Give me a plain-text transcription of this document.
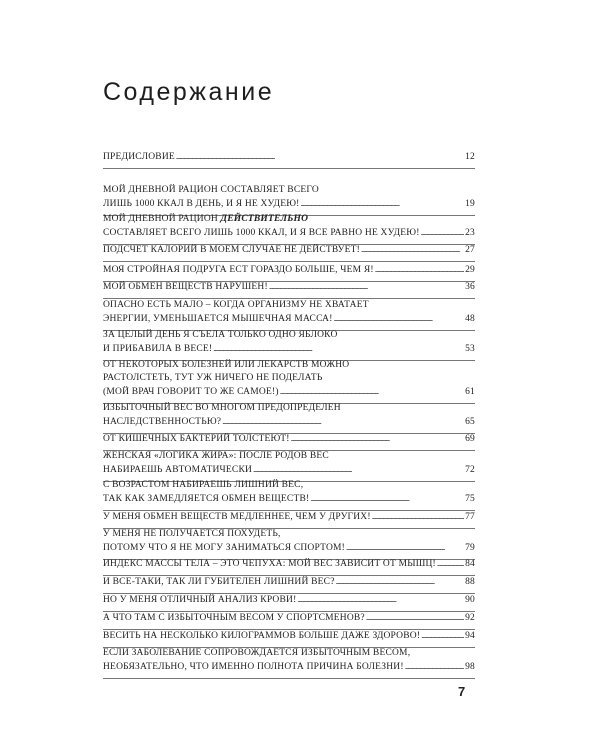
Содержание
ПРЕДИСЛОВИЕ . . .	12
МОЙ ДНЕВНОЙ РАЦИОН СОСТАВЛЯЕТ ВСЕГО
ЛИШЬ 1000 ККАЛ В ДЕНЬ, И Я НЕ ХУДЕЮ! . . .	19
МОЙ ДНЕВНОЙ РАЦИОН ДЕЙСТВИТЕЛЬНО
СОСТАВЛЯЕТ ВСЕГО ЛИШЬ 1000 ККАЛ, И Я ВСЕ РАВНО НЕ ХУДЕЮ! . . .	23
ПОДСЧЕТ КАЛОРИЙ В МОЕМ СЛУЧАЕ НЕ ДЕЙСТВУЕТ! . . .	27
МОЯ СТРОЙНАЯ ПОДРУГА ЕСТ ГОРАЗДО БОЛЬШЕ, ЧЕМ Я! . . .	29
МОЙ ОБМЕН ВЕЩЕСТВ НАРУШЕН! . . .	36
ОПАСНО ЕСТЬ МАЛО – КОГДА ОРГАНИЗМУ НЕ ХВАТАЕТ
ЭНЕРГИИ, УМЕНЬШАЕТСЯ МЫШЕЧНАЯ МАССА! . . .	48
ЗА ЦЕЛЫЙ ДЕНЬ Я СЪЕЛА ТОЛЬКО ОДНО ЯБЛОКО
И ПРИБАВИЛА В ВЕСЕ! . . .	53
ОТ НЕКОТОРЫХ БОЛЕЗНЕЙ ИЛИ ЛЕКАРСТВ МОЖНО
РАСТОЛСТЕТЬ, ТУТ УЖ НИЧЕГО НЕ ПОДЕЛАТЬ
(МОЙ ВРАЧ ГОВОРИТ ТО ЖЕ САМОЕ!) . . .	61
ИЗБЫТОЧНЫЙ ВЕС ВО МНОГОМ ПРЕДОПРЕДЕЛЕН
НАСЛЕДСТВЕННОСТЬЮ? . . .	65
ОТ КИШЕЧНЫХ БАКТЕРИЙ ТОЛСТЕЮТ! . . .	69
ЖЕНСКАЯ «ЛОГИКА ЖИРА»: ПОСЛЕ РОДОВ ВЕС
НАБИРАЕШЬ АВТОМАТИЧЕСКИ . . .	72
С ВОЗРАСТОМ НАБИРАЕШЬ ЛИШНИЙ ВЕС,
ТАК КАК ЗАМЕДЛЯЕТСЯ ОБМЕН ВЕЩЕСТВ! . . .	75
У МЕНЯ ОБМЕН ВЕЩЕСТВ МЕДЛЕННЕЕ, ЧЕМ У ДРУГИХ! . . .	77
У МЕНЯ НЕ ПОЛУЧАЕТСЯ ПОХУДЕТЬ,
ПОТОМУ ЧТО Я НЕ МОГУ ЗАНИМАТЬСЯ СПОРТОМ! . . .	79
ИНДЕКС МАССЫ ТЕЛА – ЭТО ЧЕПУХА: МОЙ ВЕС ЗАВИСИТ ОТ МЫШЦ! . . .	84
И ВСЕ-ТАКИ, ТАК ЛИ ГУБИТЕЛЕН ЛИШНИЙ ВЕС? . . .	88
НО У МЕНЯ ОТЛИЧНЫЙ АНАЛИЗ КРОВИ! . . .	90
А ЧТО ТАМ С ИЗБЫТОЧНЫМ ВЕСОМ У СПОРТСМЕНОВ? . . .	92
ВЕСИТЬ НА НЕСКОЛЬКО КИЛОГРАММОВ БОЛЬШЕ ДАЖЕ ЗДОРОВО! . . .	94
ЕСЛИ ЗАБОЛЕВАНИЕ СОПРОВОЖДАЕТСЯ ИЗБЫТОЧНЫМ ВЕСОМ,
НЕОБЯЗАТЕЛЬНО, ЧТО ИМЕННО ПОЛНОТА ПРИЧИНА БОЛЕЗНИ! . . .	98
7
